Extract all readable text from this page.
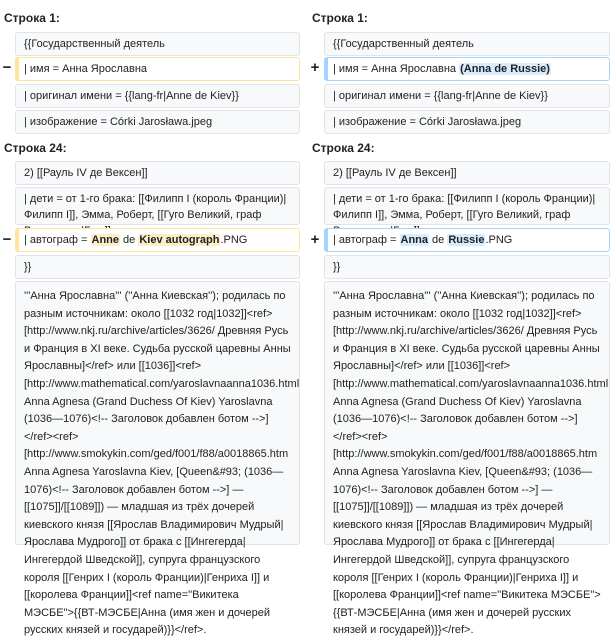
Строка 1:
{{Государственный деятель
−	| имя = Анна Ярославна
| оригинал имени = {{lang-fr|Anne de Kiev}}
| изображение = Córki Jarosława.jpeg
Строка 24:
2) [[Рауль IV де Вексен]]
| дети = от 1-го брака: [[Филипп I (король Франции)|Филипп I]], Эмма, Роберт, [[Гуго Великий, граф
−	| автограф = Anne de Kiev autograph.PNG
}}
'''Анна Ярославна''' (''Анна Киевская''); родилась по разным источникам: около [[1032 год|1032]]<ref>[http://www.nkj.ru/archive/articles/3626/ Древняя Русь и Франция в XI веке. Судьба русской царевны Анны Ярославны]</ref> или [[1036]]<ref>[http://www.mathematical.com/yaroslavnaanna1036.html Anna Agnesa (Grand Duchess Of Kiev) Yaroslavna (1036—1076)<!-- Заголовок добавлен ботом -->]</ref><ref>[http://www.smokykin.com/ged/f001/f88/a0018865.htm Anna Agnesa Yaroslavna Kiev, [Queen&#93; (1036—1076)<!-- Заголовок добавлен ботом -->] — [[1075]]/[[1089]]) — младшая из трёх дочерей киевского князя [[Ярослав Владимирович Мудрый|Ярослава Мудрого]] от брака с [[Ингегерда|Ингегердой Шведской]], супруга французского короля [[Генрих I (король Франции)|Генриха I]] и [[королева Франции]]<ref name="Викитека МЭСБЕ">{{ВТ-МЭСБЕ|Анна (имя жен и дочерей русских князей и государей)}}</ref>.
Строка 1:
{{Государственный деятель
+	| имя = Анна Ярославна (Anna de Russie)
| оригинал имени = {{lang-fr|Anne de Kiev}}
| изображение = Córki Jarosława.jpeg
Строка 24:
2) [[Рауль IV де Вексен]]
| дети = от 1-го брака: [[Филипп I (король Франции)|Филипп I]], Эмма, Роберт, [[Гуго Великий, граф
+	| автограф = Anna de Russie.PNG
}}
'''Анна Ярославна''' (''Анна Киевская''); родилась по разным источникам: около [[1032 год|1032]]<ref>[http://www.nkj.ru/archive/articles/3626/ Древняя Русь и Франция в XI веке. Судьба русской царевны Анны Ярославны]</ref> или [[1036]]<ref>[http://www.mathematical.com/yaroslavnaanna1036.html Anna Agnesa (Grand Duchess Of Kiev) Yaroslavna (1036—1076)<!-- Заголовок добавлен ботом -->]</ref><ref>[http://www.smokykin.com/ged/f001/f88/a0018865.htm Anna Agnesa Yaroslavna Kiev, [Queen&#93; (1036—1076)<!-- Заголовок добавлен ботом -->] — [[1075]]/[[1089]]) — младшая из трёх дочерей киевского князя [[Ярослав Владимирович Мудрый|Ярослава Мудрого]] от брака с [[Ингегерда|Ингегердой Шведской]], супруга французского короля [[Генрих I (король Франции)|Генриха I]] и [[королева Франции]]<ref name="Викитека МЭСБЕ">{{ВТ-МЭСБЕ|Анна (имя жен и дочерей русских князей и государей)}}</ref>.
